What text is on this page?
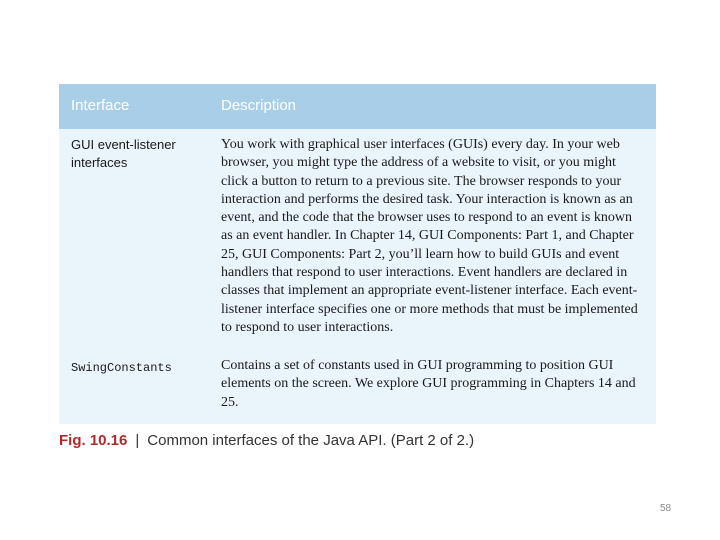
Interface	Description
GUI event-listener interfaces
You work with graphical user interfaces (GUIs) every day. In your web browser, you might type the address of a website to visit, or you might click a button to return to a previous site. The browser responds to your interaction and performs the desired task. Your interaction is known as an event, and the code that the browser uses to respond to an event is known as an event handler. In Chapter 14, GUI Components: Part 1, and Chapter 25, GUI Components: Part 2, you’ll learn how to build GUIs and event handlers that respond to user interactions. Event handlers are declared in classes that implement an appropriate event-listener interface. Each event-listener interface specifies one or more methods that must be implemented to respond to user interactions.
SwingConstants	Contains a set of constants used in GUI programming to position GUI elements on the screen. We explore GUI programming in Chapters 14 and 25.
Fig. 10.16 | Common interfaces of the Java API. (Part 2 of 2.)
58
